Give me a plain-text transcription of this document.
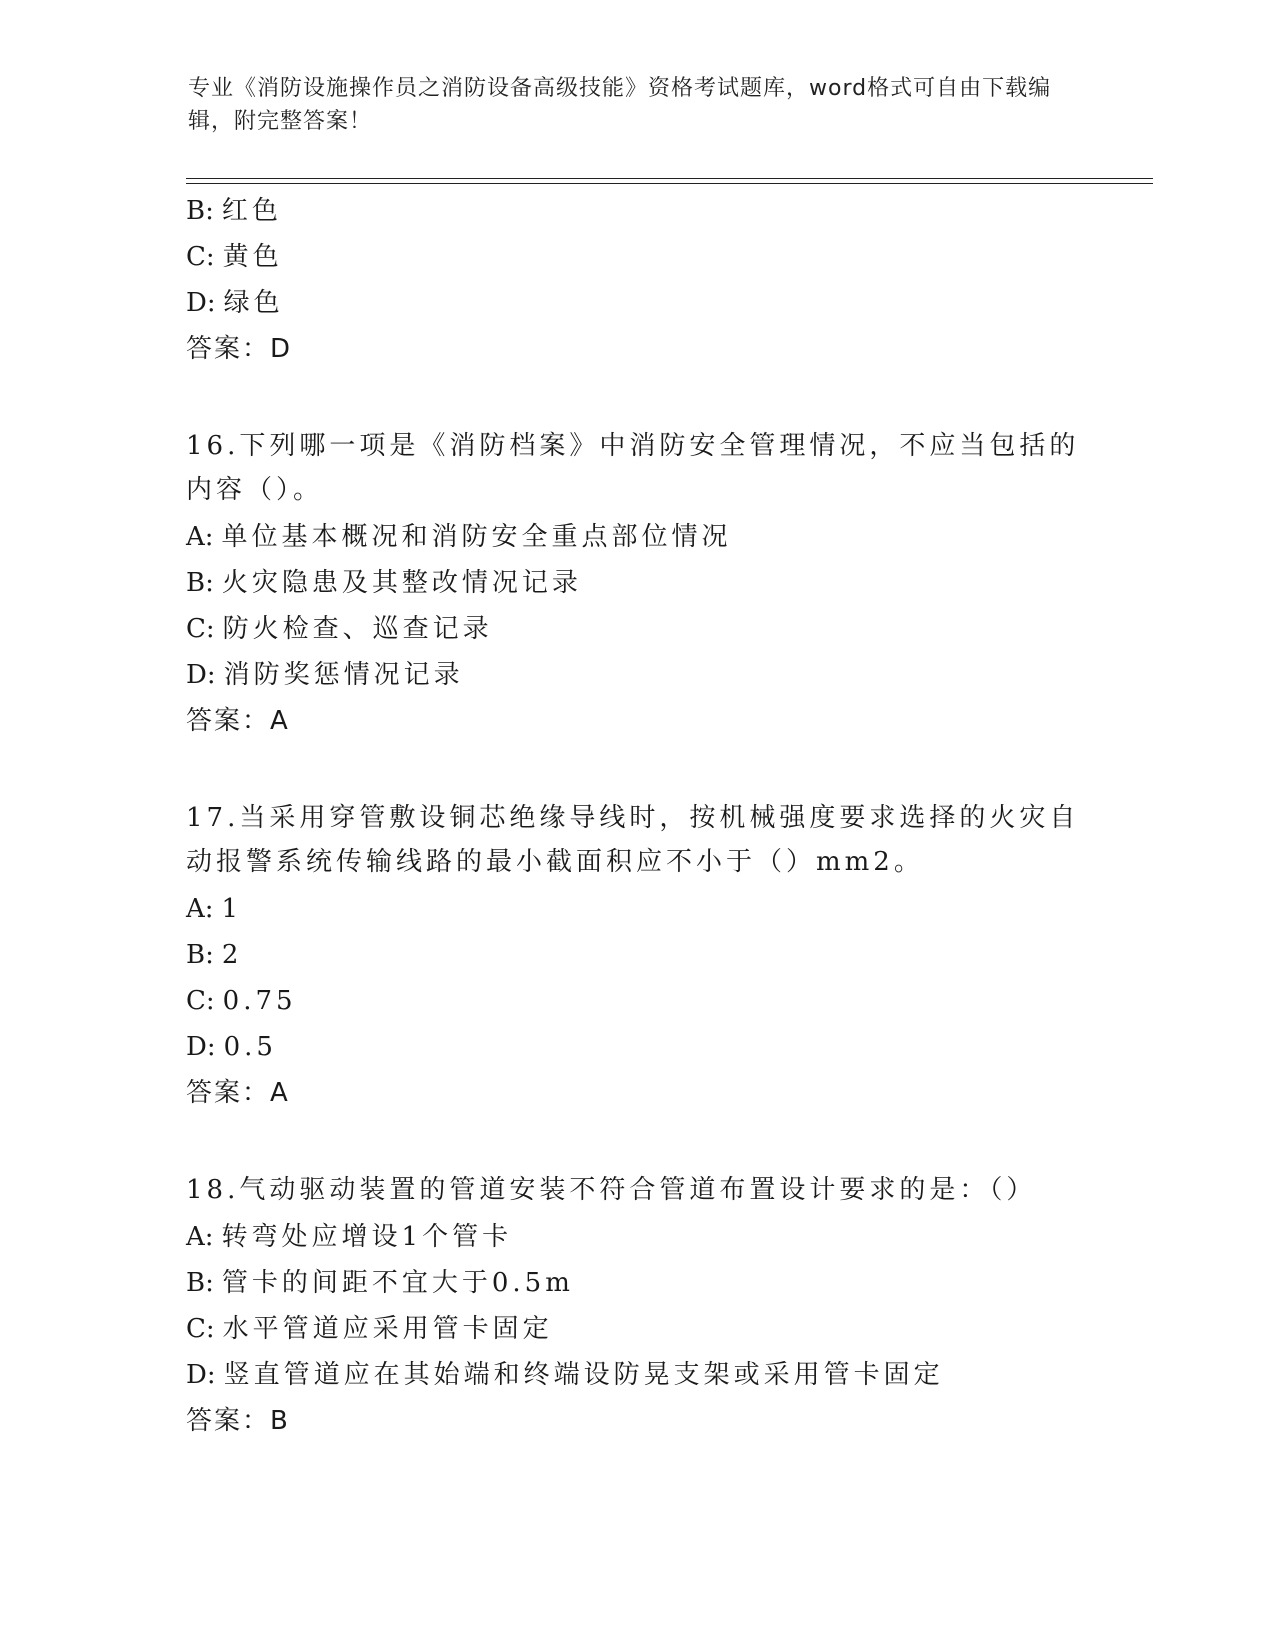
专业《消防设施操作员之消防设备高级技能》资格考试题库，word格式可自由下载编辑，附完整答案！
B: 红色
C: 黄色
D: 绿色
答案：D
16.下列哪一项是《消防档案》中消防安全管理情况，不应当包括的内容（）。
A: 单位基本概况和消防安全重点部位情况
B: 火灾隐患及其整改情况记录
C: 防火检查、巡查记录
D: 消防奖惩情况记录
答案：A
17.当采用穿管敷设铜芯绝缘导线时，按机械强度要求选择的火灾自动报警系统传输线路的最小截面积应不小于（）mm2。
A: 1
B: 2
C: 0.75
D: 0.5
答案：A
18.气动驱动装置的管道安装不符合管道布置设计要求的是：（）
A: 转弯处应增设1个管卡
B: 管卡的间距不宜大于0.5m
C: 水平管道应采用管卡固定
D: 竖直管道应在其始端和终端设防晃支架或采用管卡固定
答案：B
